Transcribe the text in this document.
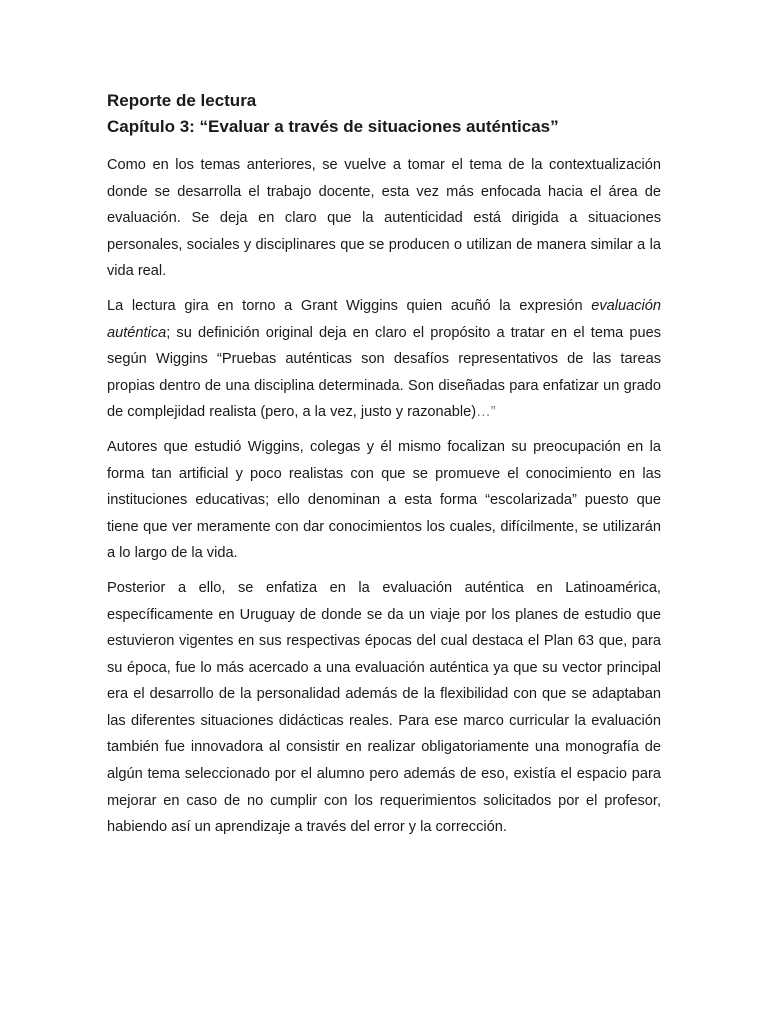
Reporte de lectura
Capítulo 3: “Evaluar a través de situaciones auténticas”

Como en los temas anteriores, se vuelve a tomar el tema de la contextualización donde se desarrolla el trabajo docente, esta vez más enfocada hacia el área de evaluación. Se deja en claro que la autenticidad está dirigida a situaciones personales, sociales y disciplinares que se producen o utilizan de manera similar a la vida real.

La lectura gira en torno a Grant Wiggins quien acuñó la expresión evaluación auténtica; su definición original deja en claro el propósito a tratar en el tema pues según Wiggins “Pruebas auténticas son desafíos representativos de las tareas propias dentro de una disciplina determinada. Son diseñadas para enfatizar un grado de complejidad realista (pero, a la vez, justo y razonable)…”

Autores que estudió Wiggins, colegas y él mismo focalizan su preocupación en la forma tan artificial y poco realistas con que se promueve el conocimiento en las instituciones educativas; ello denominan a esta forma “escolarizada” puesto que tiene que ver meramente con dar conocimientos los cuales, difícilmente, se utilizarán a lo largo de la vida.

Posterior a ello, se enfatiza en la evaluación auténtica en Latinoamérica, específicamente en Uruguay de donde se da un viaje por los planes de estudio que estuvieron vigentes en sus respectivas épocas del cual destaca el Plan 63 que, para su época, fue lo más acercado a una evaluación auténtica ya que su vector principal era el desarrollo de la personalidad además de la flexibilidad con que se adaptaban las diferentes situaciones didácticas reales. Para ese marco curricular la evaluación también fue innovadora al consistir en realizar obligatoriamente una monografía de algún tema seleccionado por el alumno pero además de eso, existía el espacio para mejorar en caso de no cumplir con los requerimientos solicitados por el profesor, habiendo así un aprendizaje a través del error y la corrección.
